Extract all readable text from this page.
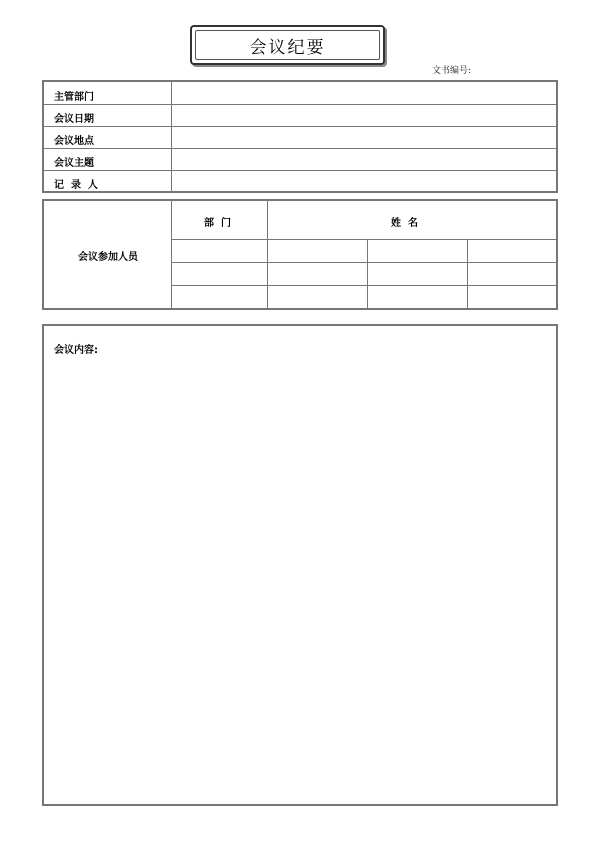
会议纪要
文书编号:
主管部门
会议日期
会议地点
会议主题
记  录  人
会议参加人员
部  门	姓  名
会议内容:
